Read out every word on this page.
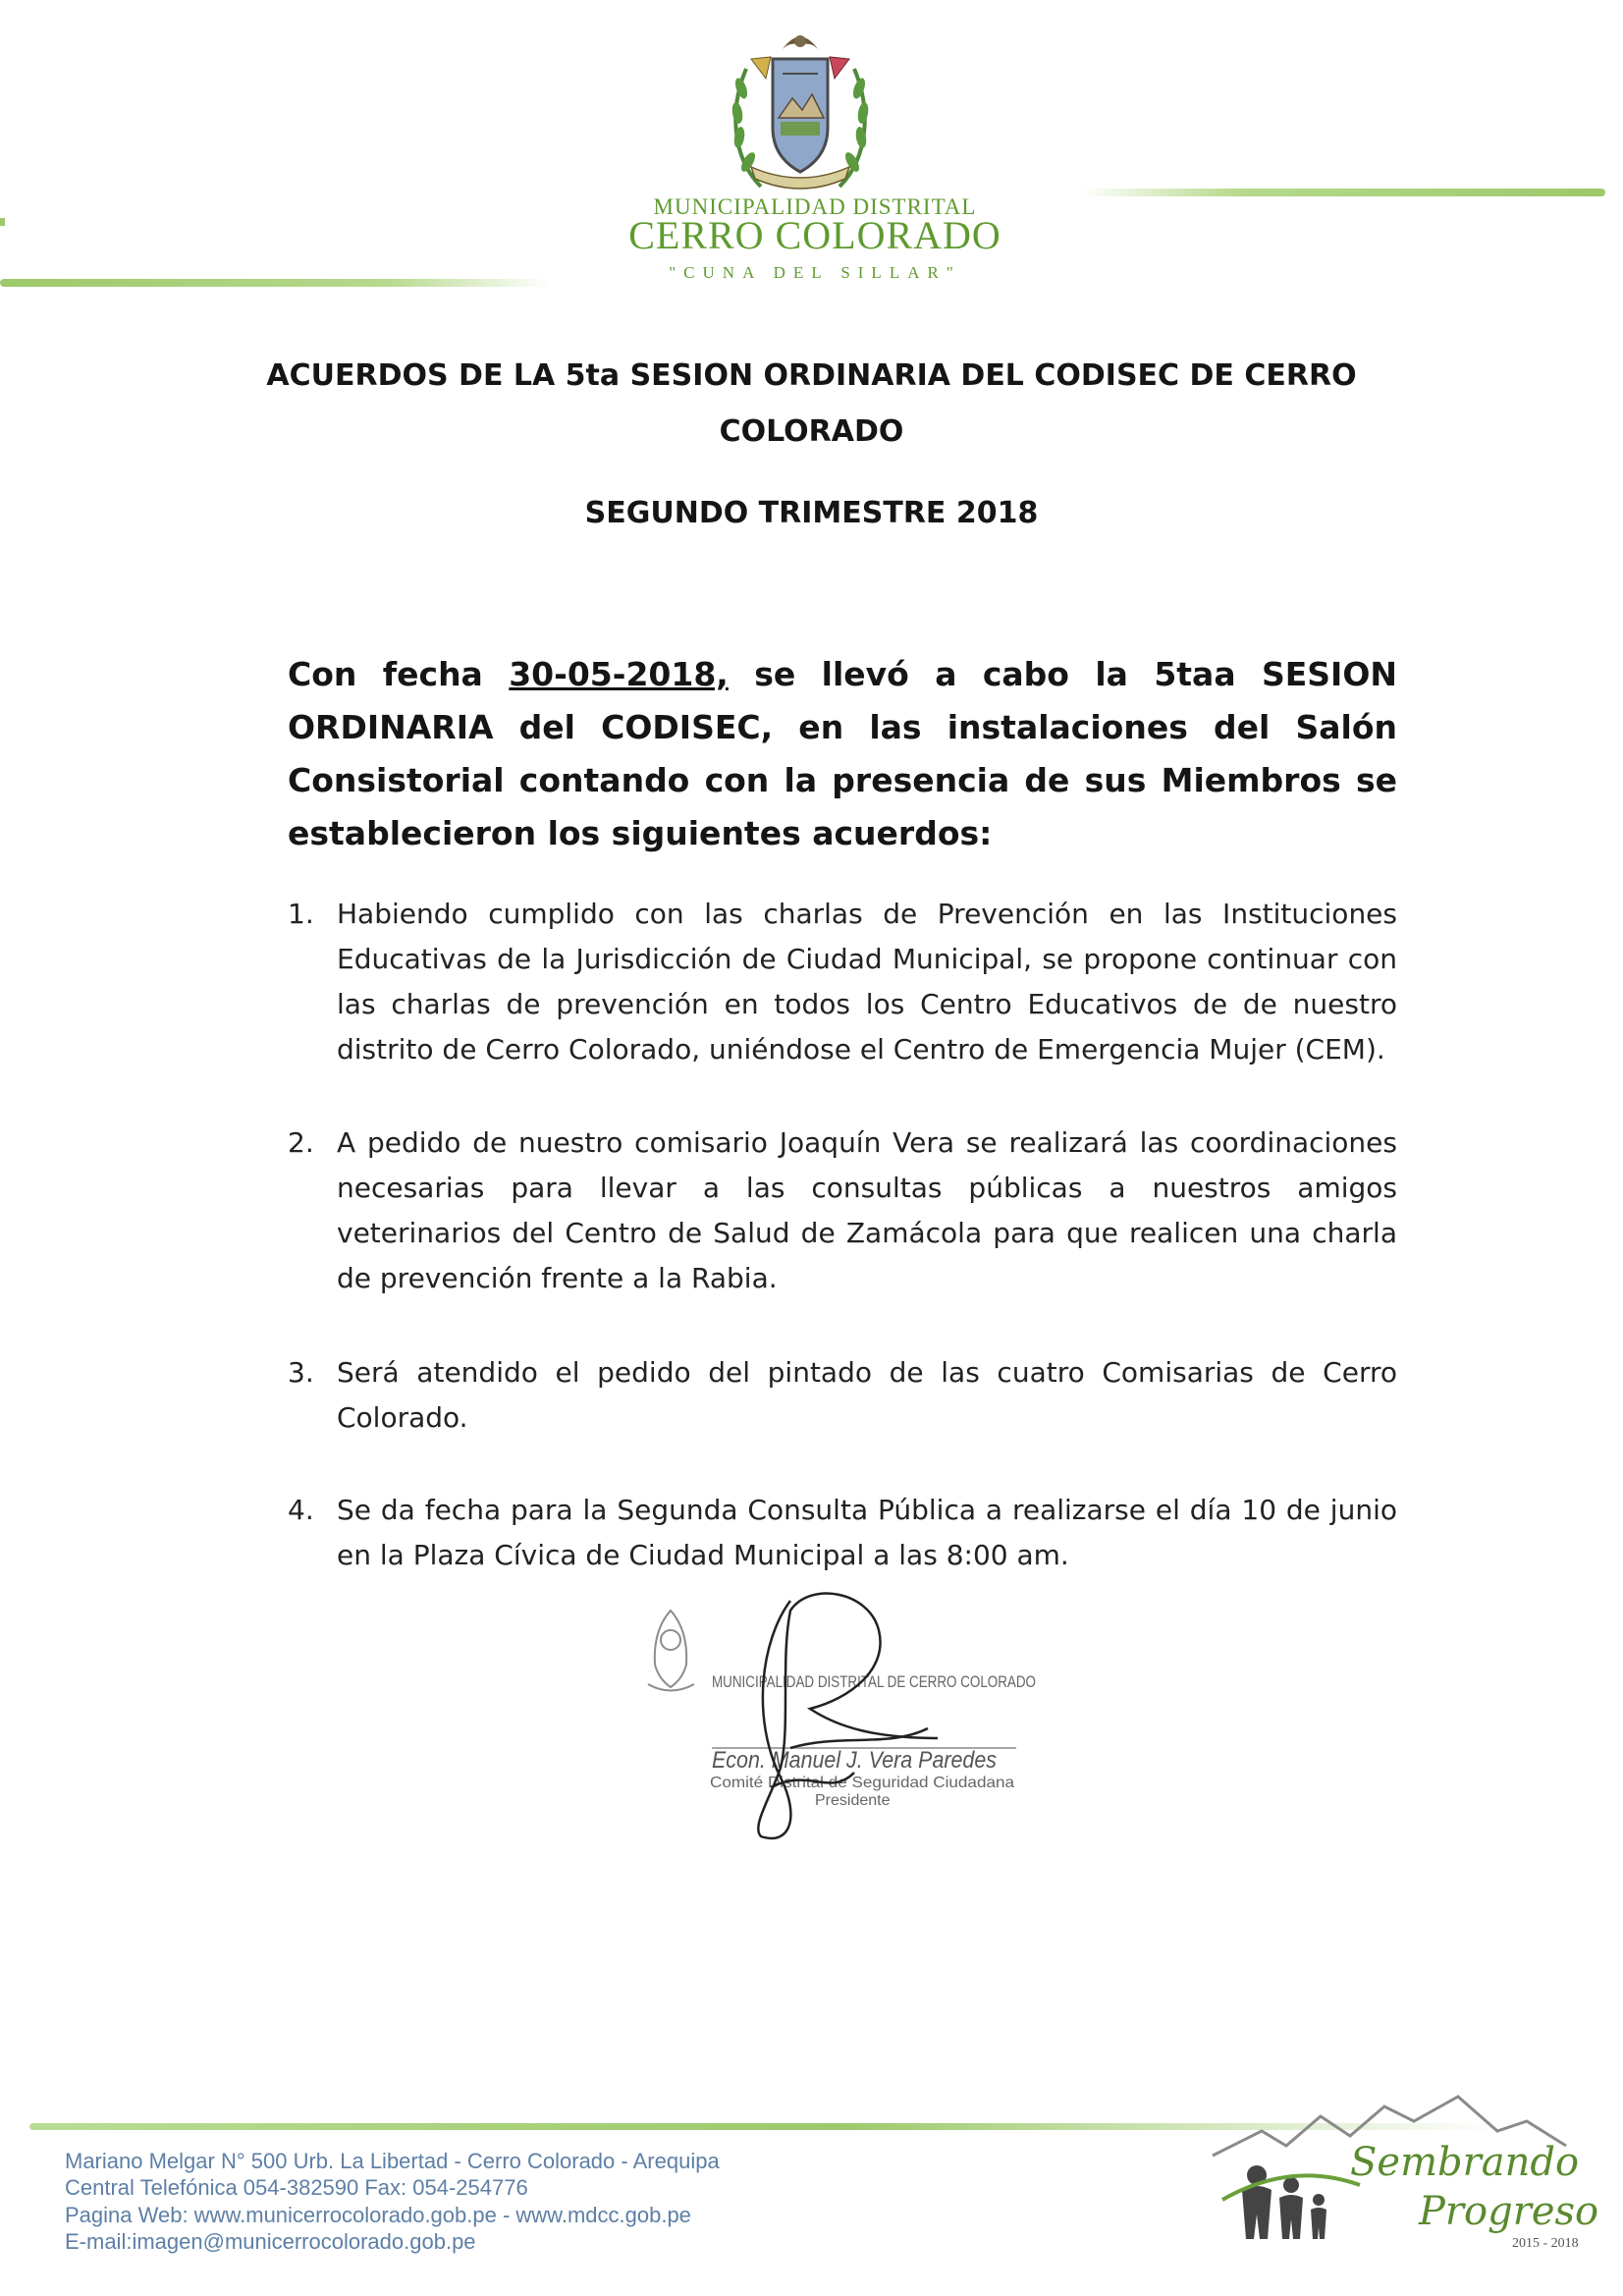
MUNICIPALIDAD DISTRITAL
CERRO COLORADO
"CUNA DEL SILLAR"
ACUERDOS DE LA 5ta SESION ORDINARIA DEL CODISEC DE CERRO
COLORADO
SEGUNDO TRIMESTRE 2018
Con fecha 30-05-2018, se llevó a cabo la 5taa SESION ORDINARIA del CODISEC, en las instalaciones del Salón Consistorial contando con la presencia de sus Miembros se establecieron los siguientes acuerdos:
1. Habiendo cumplido con las charlas de Prevención en las Instituciones Educativas de la Jurisdicción de Ciudad Municipal, se propone continuar con las charlas de prevención en todos los Centro Educativos de de nuestro distrito de Cerro Colorado, uniéndose el Centro de Emergencia Mujer (CEM).
2. A pedido de nuestro comisario Joaquín Vera se realizará las coordinaciones necesarias para llevar a las consultas públicas a nuestros amigos veterinarios del Centro de Salud de Zamácola para que realicen una charla de prevención frente a la Rabia.
3. Será atendido el pedido del pintado de las cuatro Comisarias de Cerro Colorado.
4. Se da fecha para la Segunda Consulta Pública a realizarse el día 10 de junio en la Plaza Cívica de Ciudad Municipal a las 8:00 am.
MUNICIPALIDAD DISTRITAL DE CERRO COLORADO
Econ. Manuel J. Vera Paredes
Comité Distrital de Seguridad Ciudadana
Presidente
Mariano Melgar N° 500 Urb. La Libertad - Cerro Colorado - Arequipa
Central Telefónica 054-382590 Fax: 054-254776
Pagina Web: www.municerrocolorado.gob.pe - www.mdcc.gob.pe
E-mail:imagen@municerrocolorado.gob.pe
Sembrando
Progreso
2015 - 2018
